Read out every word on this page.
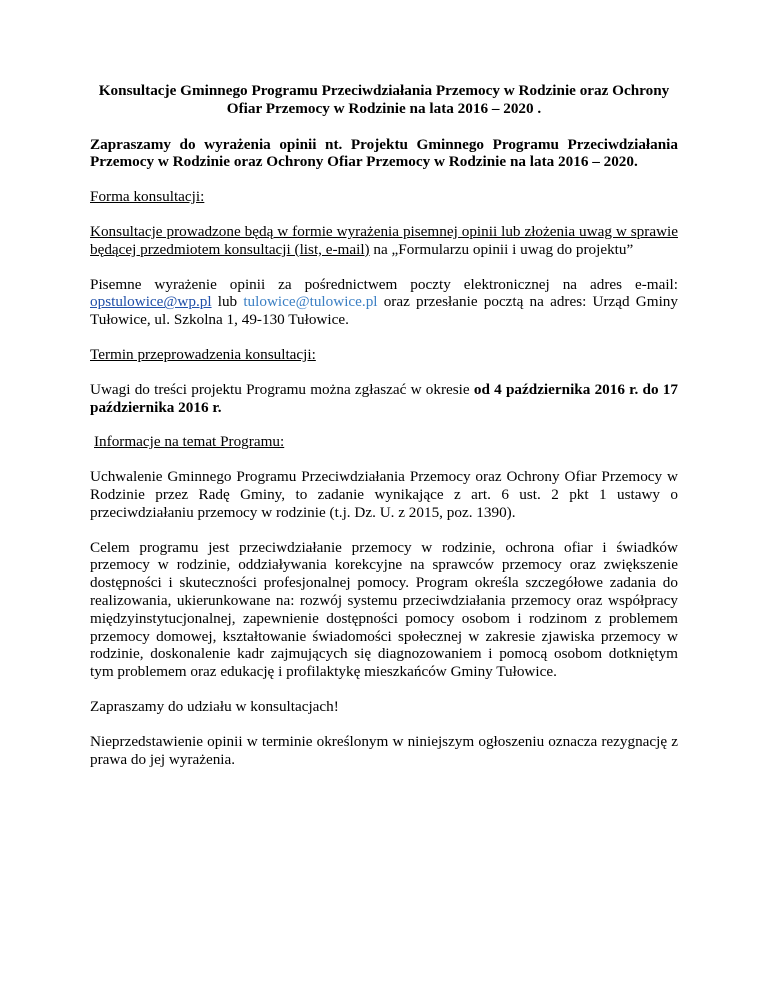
Konsultacje Gminnego Programu Przeciwdziałania Przemocy w Rodzinie oraz Ochrony Ofiar Przemocy w Rodzinie na lata 2016 – 2020 .

Zapraszamy do wyrażenia opinii nt. Projektu Gminnego Programu Przeciwdziałania Przemocy w Rodzinie oraz Ochrony Ofiar Przemocy w Rodzinie na lata 2016 – 2020.

Forma konsultacji:

Konsultacje prowadzone będą w formie wyrażenia pisemnej opinii lub złożenia uwag w sprawie będącej przedmiotem konsultacji (list, e-mail) na „Formularzu opinii i uwag do projektu”

Pisemne wyrażenie opinii za pośrednictwem poczty elektronicznej na adres e-mail: opstulowice@wp.pl lub tulowice@tulowice.pl oraz przesłanie pocztą na adres: Urząd Gminy Tułowice, ul. Szkolna 1, 49-130 Tułowice.

Termin przeprowadzenia konsultacji:

Uwagi do treści projektu Programu można zgłaszać w okresie od 4 października 2016 r. do 17 października 2016 r.

Informacje na temat Programu:

Uchwalenie Gminnego Programu Przeciwdziałania Przemocy oraz Ochrony Ofiar Przemocy w Rodzinie przez Radę Gminy, to zadanie wynikające z art. 6 ust. 2 pkt 1 ustawy o przeciwdziałaniu przemocy w rodzinie (t.j. Dz. U. z 2015, poz. 1390).

Celem programu jest przeciwdziałanie przemocy w rodzinie, ochrona ofiar i świadków przemocy w rodzinie, oddziaływania korekcyjne na sprawców przemocy oraz zwiększenie dostępności i skuteczności profesjonalnej pomocy. Program określa szczegółowe zadania do realizowania, ukierunkowane na: rozwój systemu przeciwdziałania przemocy oraz współpracy międzyinstytucjonalnej, zapewnienie dostępności pomocy osobom i rodzinom z problemem przemocy domowej, kształtowanie świadomości społecznej w zakresie zjawiska przemocy w rodzinie, doskonalenie kadr zajmujących się diagnozowaniem i pomocą osobom dotkniętym tym problemem oraz edukację i profilaktykę mieszkańców Gminy Tułowice.

Zapraszamy do udziału w konsultacjach!

Nieprzedstawienie opinii w terminie określonym w niniejszym ogłoszeniu oznacza rezygnację z prawa do jej wyrażenia.
